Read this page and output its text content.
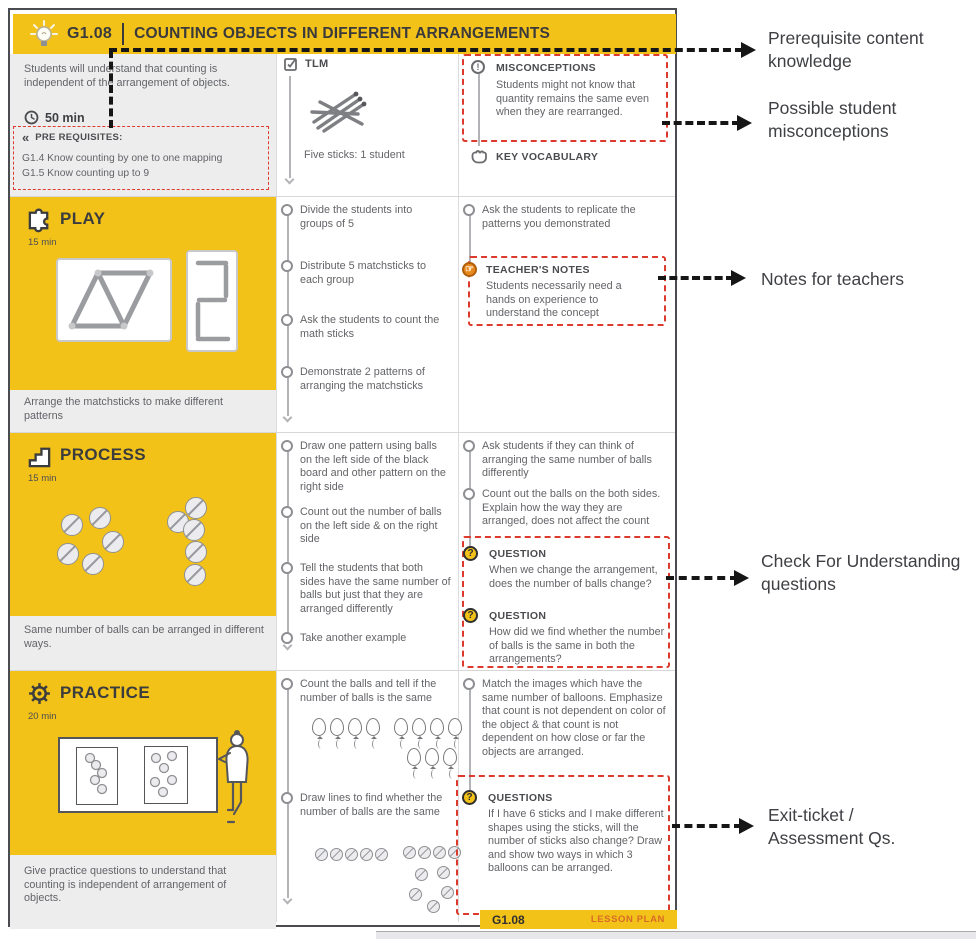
G1.08 COUNTING OBJECTS IN DIFFERENT ARRANGEMENTS
Students will understand that counting is independent of the arrangement of objects.
50 min
« PRE REQUISITES:
G1.4 Know counting by one to one mapping
G1.5 Know counting up to 9
TLM
Five sticks: 1 student
!	MISCONCEPTIONS
Students might not know that quantity remains the same even when they are rearranged.
KEY VOCABULARY
PLAY
15 min
Arrange the matchsticks to make different patterns
Divide the students into groups of 5
Distribute 5 matchsticks to each group
Ask the students to count the math sticks
Demonstrate 2 patterns of arranging the matchsticks
Ask the students to replicate the patterns you demonstrated
☞ TEACHER'S NOTES
Students necessarily need a hands on experience to understand the concept
PROCESS
15 min
Same number of balls can be arranged in different ways.
Draw one pattern using balls on the left side of the black board and other pattern on the right side
Count out the number of balls on the left side & on the right side
Tell the students that both sides have the same number of balls but just that they are arranged differently
Take another example
Ask students if they can think of arranging the same number of balls differently
Count out the balls on the both sides. Explain how the way they are arranged, does not affect the count
?	QUESTION
When we change the arrangement, does the number of balls change?
?	QUESTION
How did we find whether the number of balls is the same in both the arrangements?
PRACTICE
20 min
Give practice questions to understand that counting is independent of arrangement of objects.
Count the balls and tell if the number of balls is the same
Draw lines to find whether the number of balls are the same
Match the images which have the same number of balloons. Emphasize that count is not dependent on color of the object & that count is not dependent on how close or far the objects are arranged.
?	QUESTIONS
If I have 6 sticks and I make different shapes using the sticks, will the number of sticks also change? Draw and show two ways in which 3 balloons can be arranged.
G1.08	LESSON PLAN
Prerequisite content knowledge
Possible student misconceptions
Notes for teachers
Check For Understanding questions
Exit-ticket / Assessment Qs.
